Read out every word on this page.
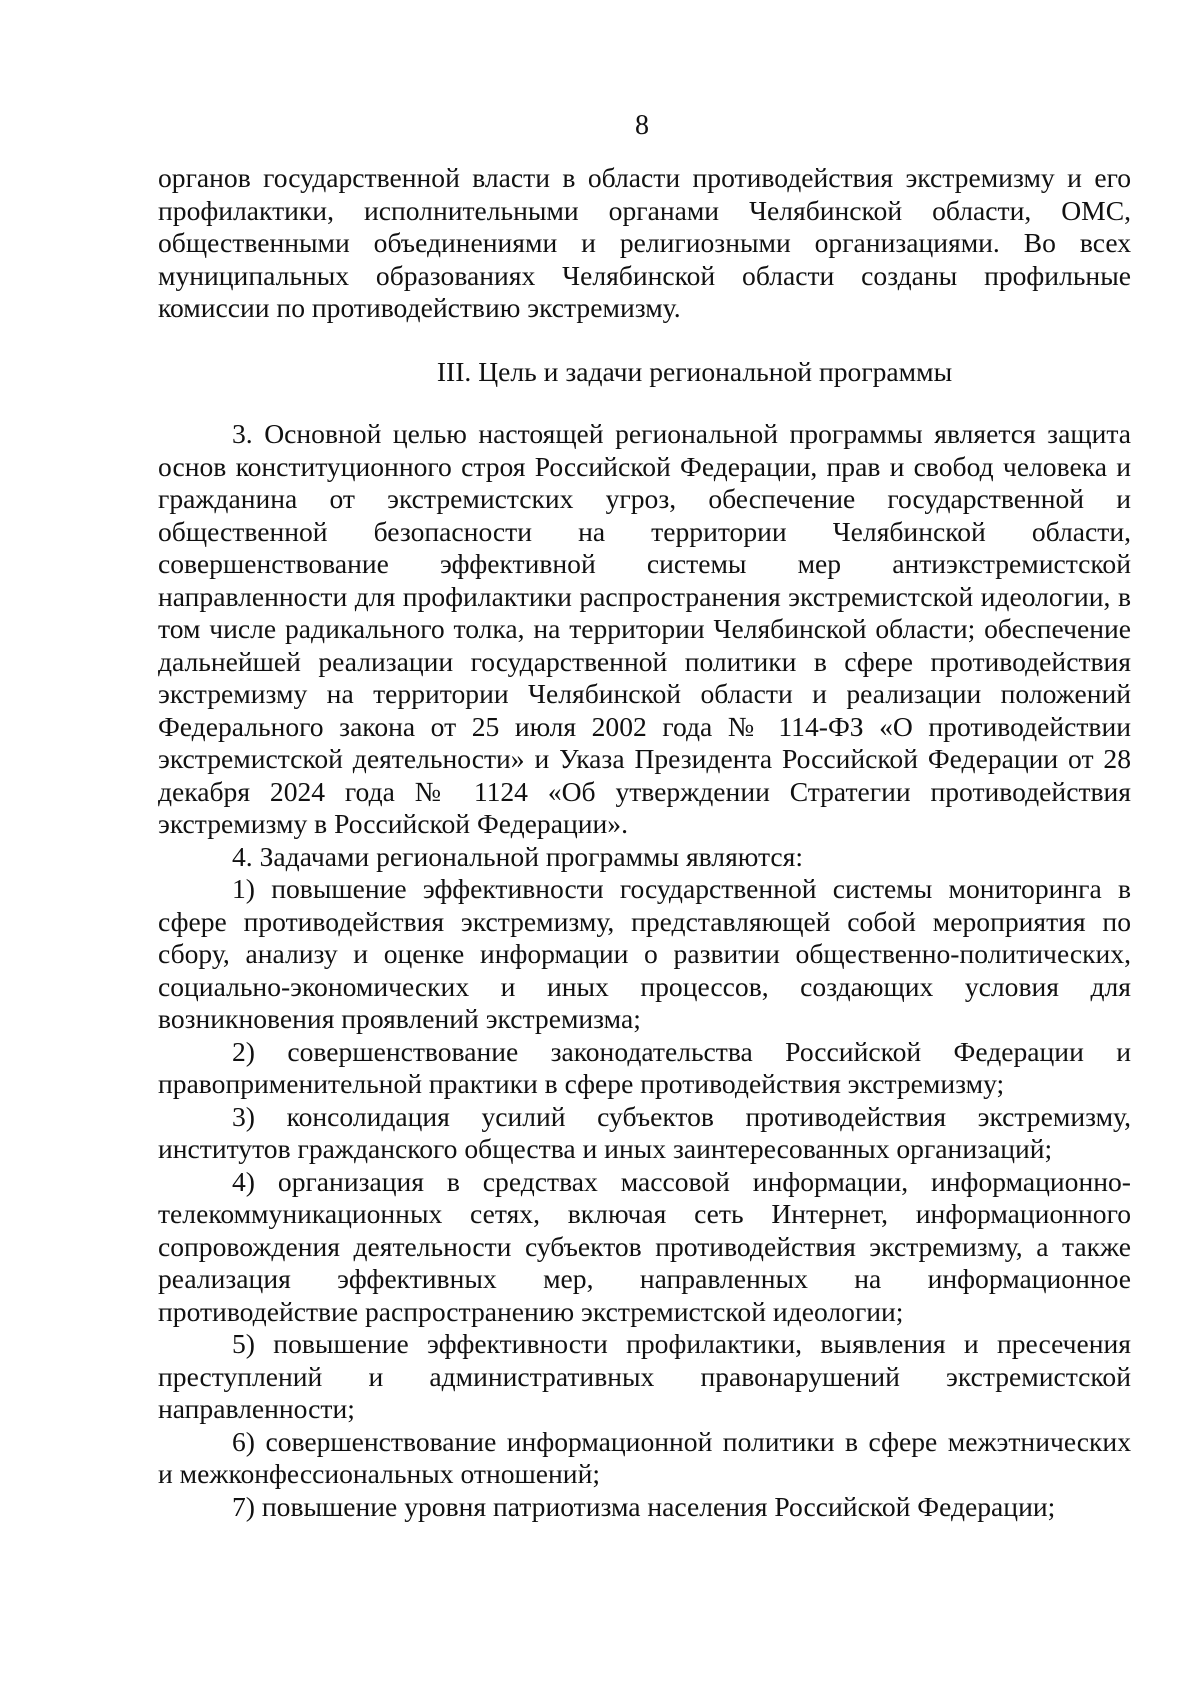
8

органов государственной власти в области противодействия экстремизму и его профилактики, исполнительными органами Челябинской области, ОМС, общественными объединениями и религиозными организациями. Во всех муниципальных образованиях Челябинской области созданы профильные комиссии по противодействию экстремизму.

III. Цель и задачи региональной программы

3. Основной целью настоящей региональной программы является защита основ конституционного строя Российской Федерации, прав и свобод человека и гражданина от экстремистских угроз, обеспечение государственной и общественной безопасности на территории Челябинской области, совершенствование эффективной системы мер антиэкстремистской направленности для профилактики распространения экстремистской идеологии, в том числе радикального толка, на территории Челябинской области; обеспечение дальнейшей реализации государственной политики в сфере противодействия экстремизму на территории Челябинской области и реализации положений Федерального закона от 25 июля 2002 года № 114-ФЗ «О противодействии экстремистской деятельности» и Указа Президента Российской Федерации от 28 декабря 2024 года № 1124 «Об утверждении Стратегии противодействия экстремизму в Российской Федерации».

4. Задачами региональной программы являются:

1) повышение эффективности государственной системы мониторинга в сфере противодействия экстремизму, представляющей собой мероприятия по сбору, анализу и оценке информации о развитии общественно-политических, социально-экономических и иных процессов, создающих условия для возникновения проявлений экстремизма;

2) совершенствование законодательства Российской Федерации и правоприменительной практики в сфере противодействия экстремизму;

3) консолидация усилий субъектов противодействия экстремизму, институтов гражданского общества и иных заинтересованных организаций;

4) организация в средствах массовой информации, информационно-телекоммуникационных сетях, включая сеть Интернет, информационного сопровождения деятельности субъектов противодействия экстремизму, а также реализация эффективных мер, направленных на информационное противодействие распространению экстремистской идеологии;

5) повышение эффективности профилактики, выявления и пресечения преступлений и административных правонарушений экстремистской направленности;

6) совершенствование информационной политики в сфере межэтнических и межконфессиональных отношений;

7) повышение уровня патриотизма населения Российской Федерации;
